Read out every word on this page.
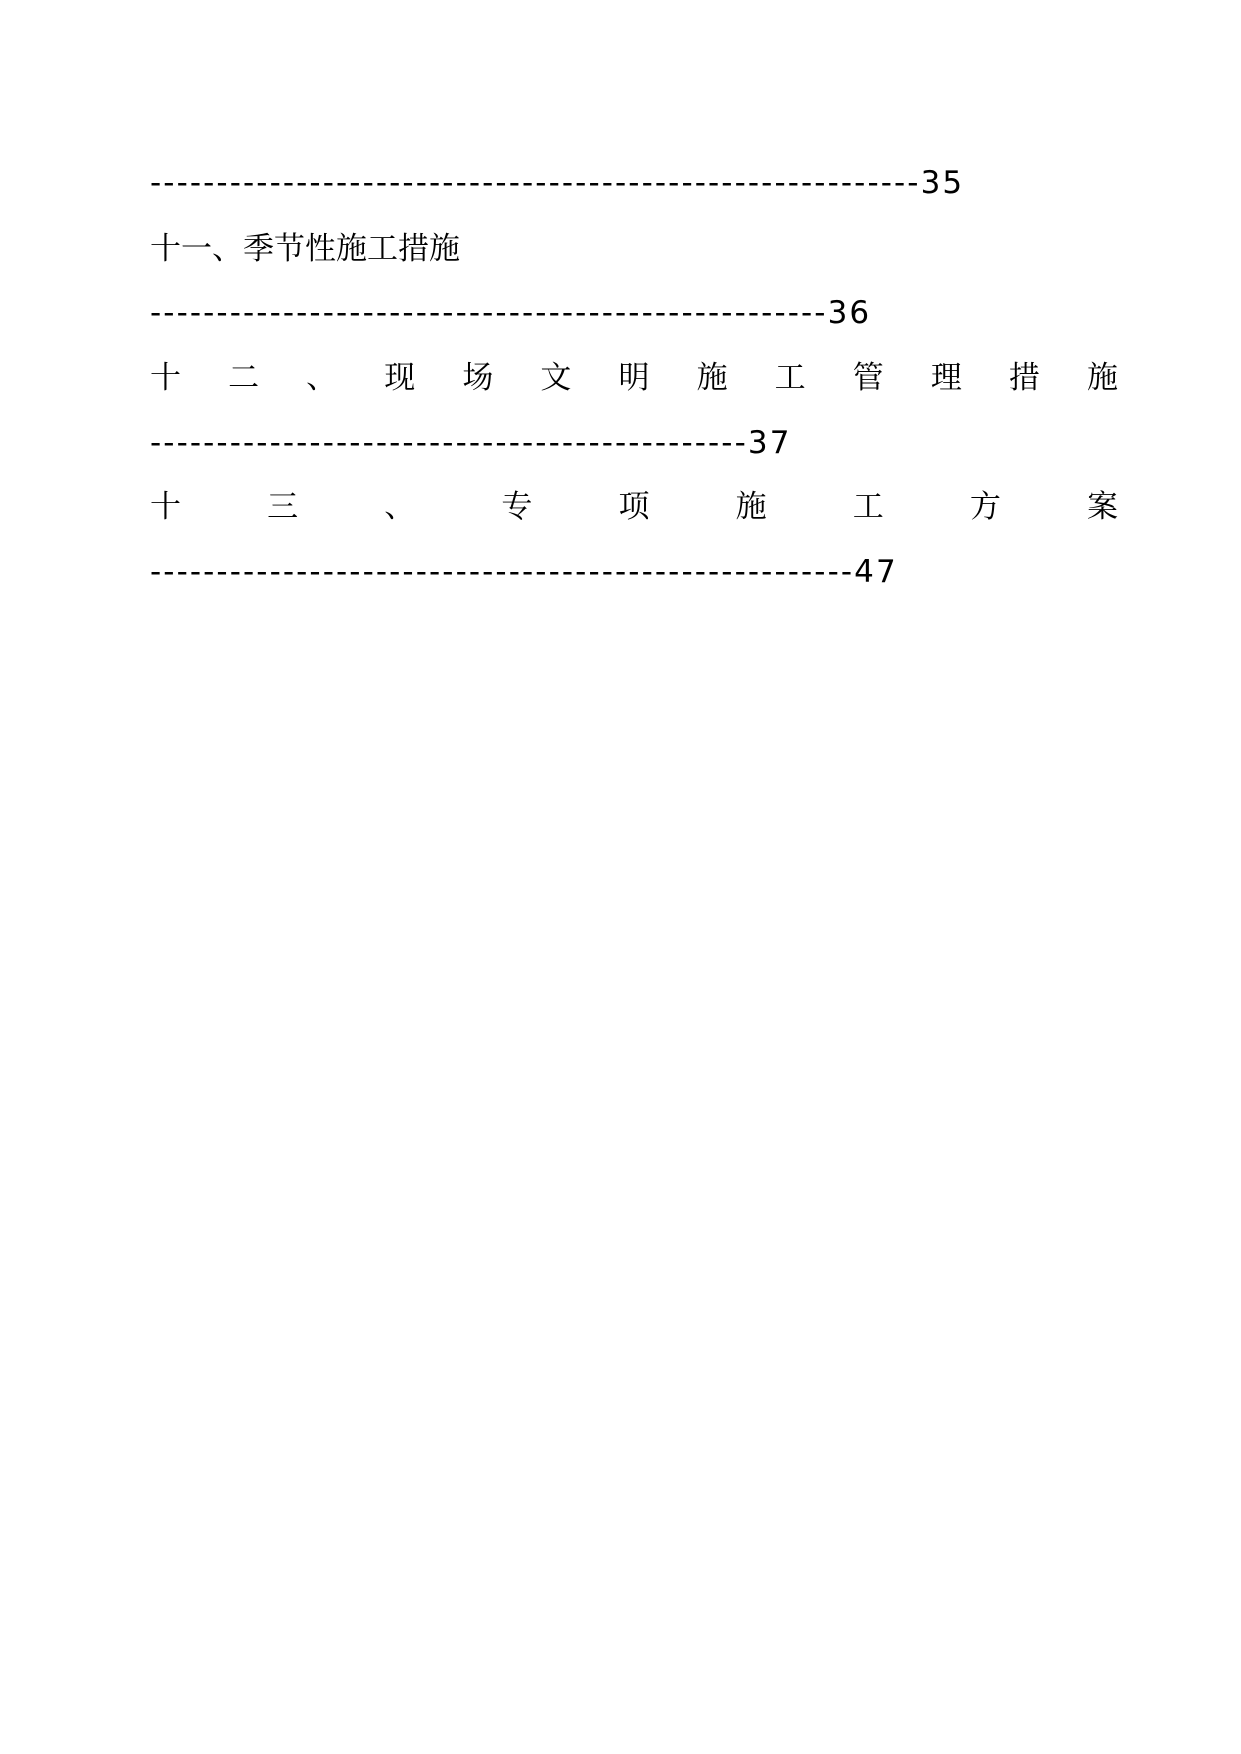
----------------------------------------------------------35
十一、季节性施工措施
---------------------------------------------------36
十 二 、 现 场 文 明 施 工 管 理 措 施
---------------------------------------------37
十 三 、 专 项 施 工 方 案
-----------------------------------------------------47
